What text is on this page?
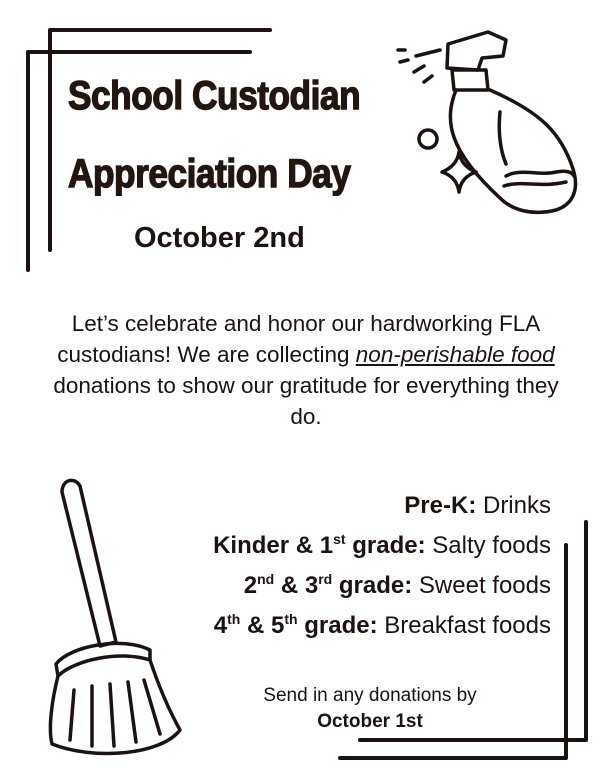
School Custodian
Appreciation Day
October 2nd

Let’s celebrate and honor our hardworking FLA custodians! We are collecting non-perishable food donations to show our gratitude for everything they do.

Pre-K: Drinks
Kinder & 1st grade: Salty foods
2nd & 3rd grade: Sweet foods
4th & 5th grade: Breakfast foods
Send in any donations by
October 1st
